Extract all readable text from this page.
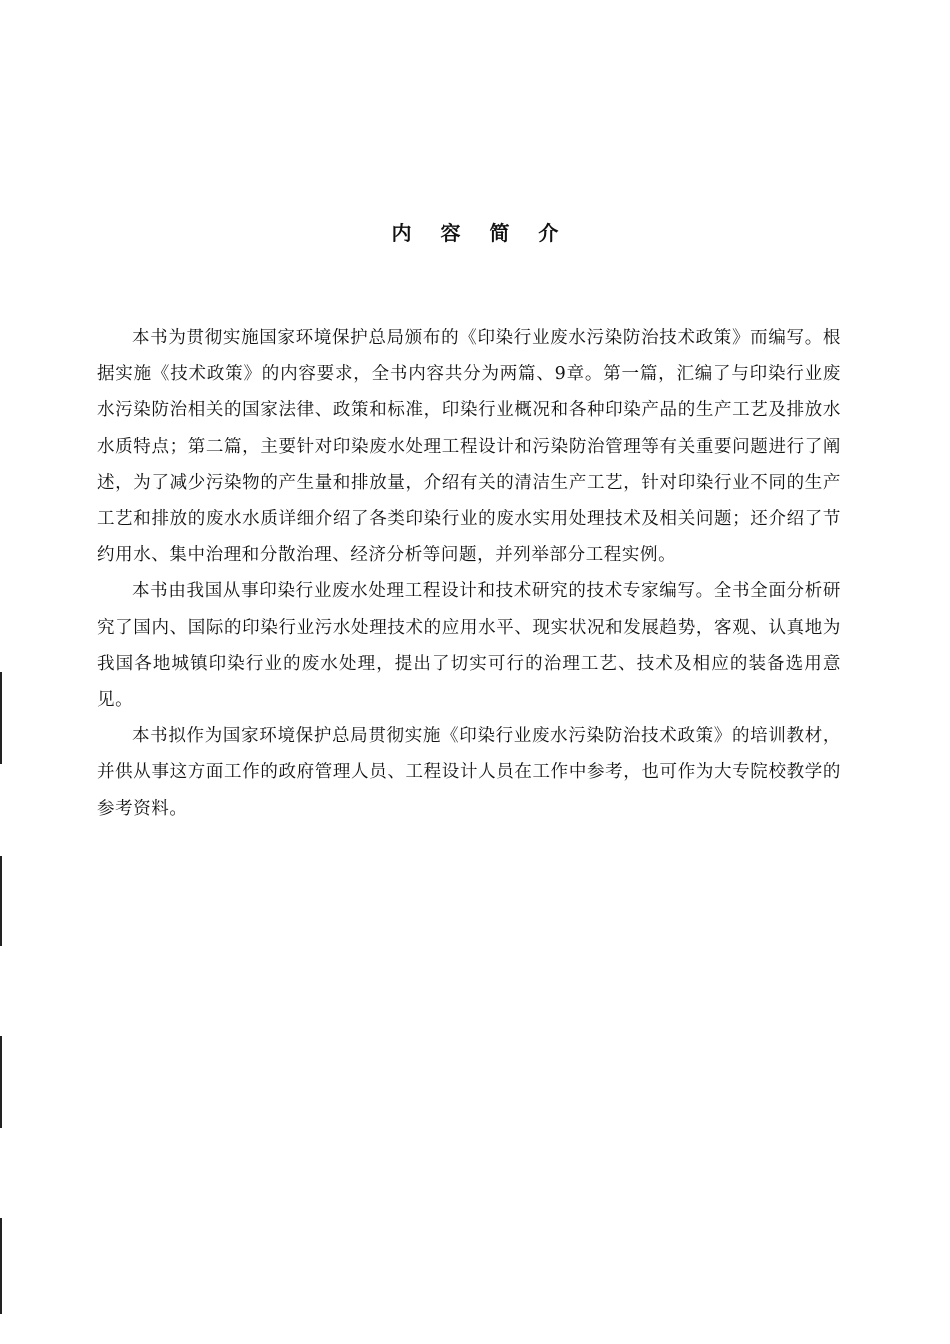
内 容 简 介

本书为贯彻实施国家环境保护总局颁布的《印染行业废水污染防治技术政策》而编写。根据实施《技术政策》的内容要求，全书内容共分为两篇、9章。第一篇，汇编了与印染行业废水污染防治相关的国家法律、政策和标准，印染行业概况和各种印染产品的生产工艺及排放水水质特点；第二篇，主要针对印染废水处理工程设计和污染防治管理等有关重要问题进行了阐述，为了减少污染物的产生量和排放量，介绍有关的清洁生产工艺，针对印染行业不同的生产工艺和排放的废水水质详细介绍了各类印染行业的废水实用处理技术及相关问题；还介绍了节约用水、集中治理和分散治理、经济分析等问题，并列举部分工程实例。

本书由我国从事印染行业废水处理工程设计和技术研究的技术专家编写。全书全面分析研究了国内、国际的印染行业污水处理技术的应用水平、现实状况和发展趋势，客观、认真地为我国各地城镇印染行业的废水处理，提出了切实可行的治理工艺、技术及相应的装备选用意见。

本书拟作为国家环境保护总局贯彻实施《印染行业废水污染防治技术政策》的培训教材，并供从事这方面工作的政府管理人员、工程设计人员在工作中参考，也可作为大专院校教学的参考资料。
